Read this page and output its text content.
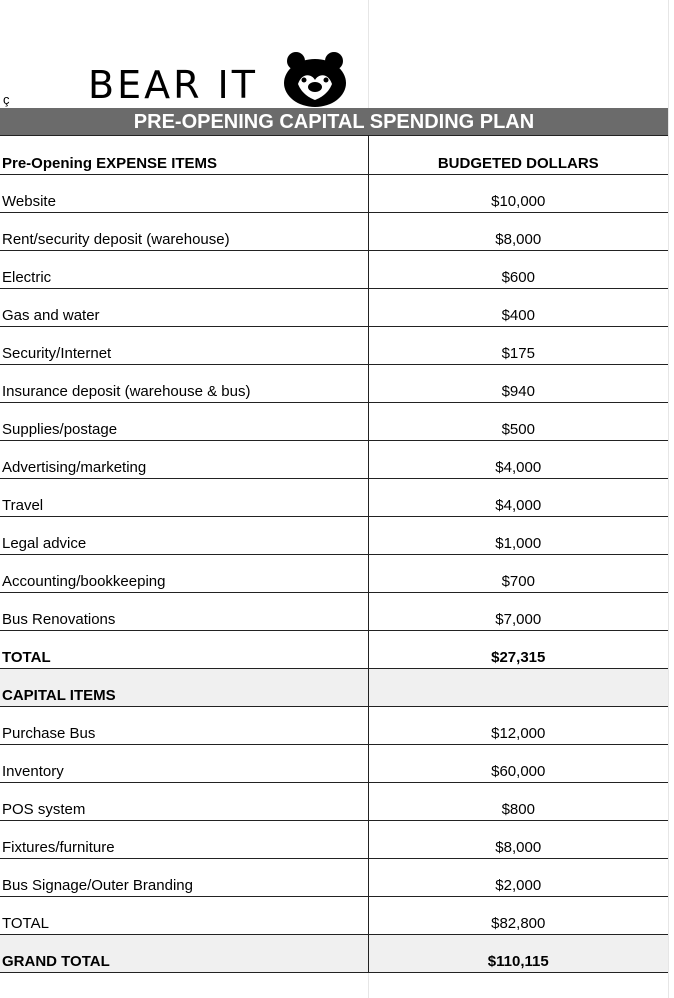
ç BEAR IT
PRE-OPENING CAPITAL SPENDING PLAN
Pre-Opening EXPENSE ITEMS	BUDGETED DOLLARS
Website	$10,000
Rent/security deposit (warehouse)	$8,000
Electric	$600
Gas and water	$400
Security/Internet	$175
Insurance deposit (warehouse & bus)	$940
Supplies/postage	$500
Advertising/marketing	$4,000
Travel	$4,000
Legal advice	$1,000
Accounting/bookkeeping	$700
Bus Renovations	$7,000
TOTAL	$27,315
CAPITAL ITEMS	
Purchase Bus	$12,000
Inventory	$60,000
POS system	$800
Fixtures/furniture	$8,000
Bus Signage/Outer Branding	$2,000
TOTAL	$82,800
GRAND TOTAL	$110,115
